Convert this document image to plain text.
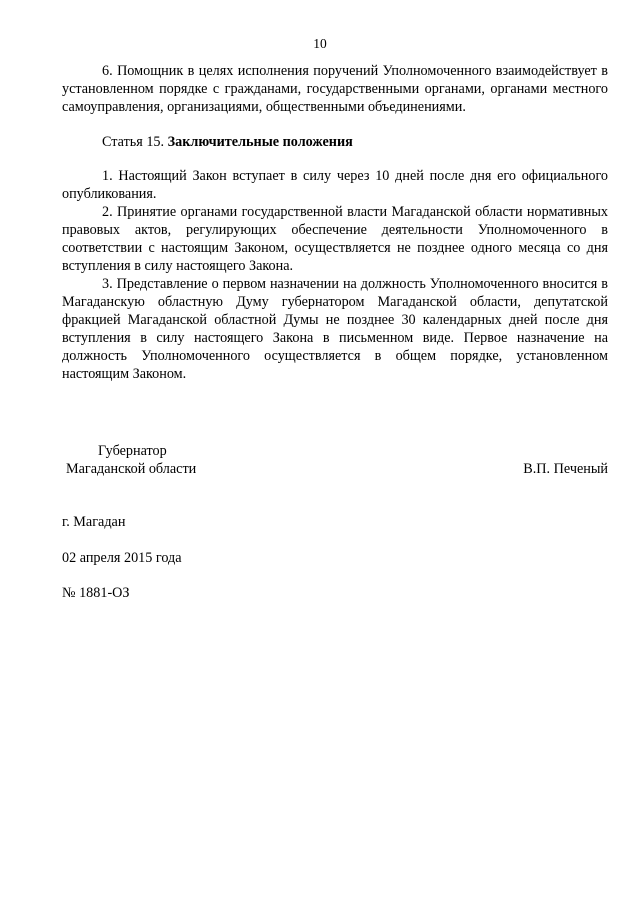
10

6. Помощник в целях исполнения поручений Уполномоченного взаимодействует в установленном порядке с гражданами, государственными органами, органами местного самоуправления, организациями, общественными объединениями.

Статья 15. Заключительные положения

1. Настоящий Закон вступает в силу через 10 дней после дня его официального опубликования.

2. Принятие органами государственной власти Магаданской области нормативных правовых актов, регулирующих обеспечение деятельности Уполномоченного в соответствии с настоящим Законом, осуществляется не позднее одного месяца со дня вступления в силу настоящего Закона.

3. Представление о первом назначении на должность Уполномоченного вносится в Магаданскую областную Думу губернатором Магаданской области, депутатской фракцией Магаданской областной Думы не позднее 30 календарных дней после дня вступления в силу настоящего Закона в письменном виде. Первое назначение на должность Уполномоченного осуществляется в общем порядке, установленном настоящим Законом.

Губернатор
Магаданской области	В.П. Печеный
г. Магадан
02 апреля 2015 года
№ 1881-ОЗ
